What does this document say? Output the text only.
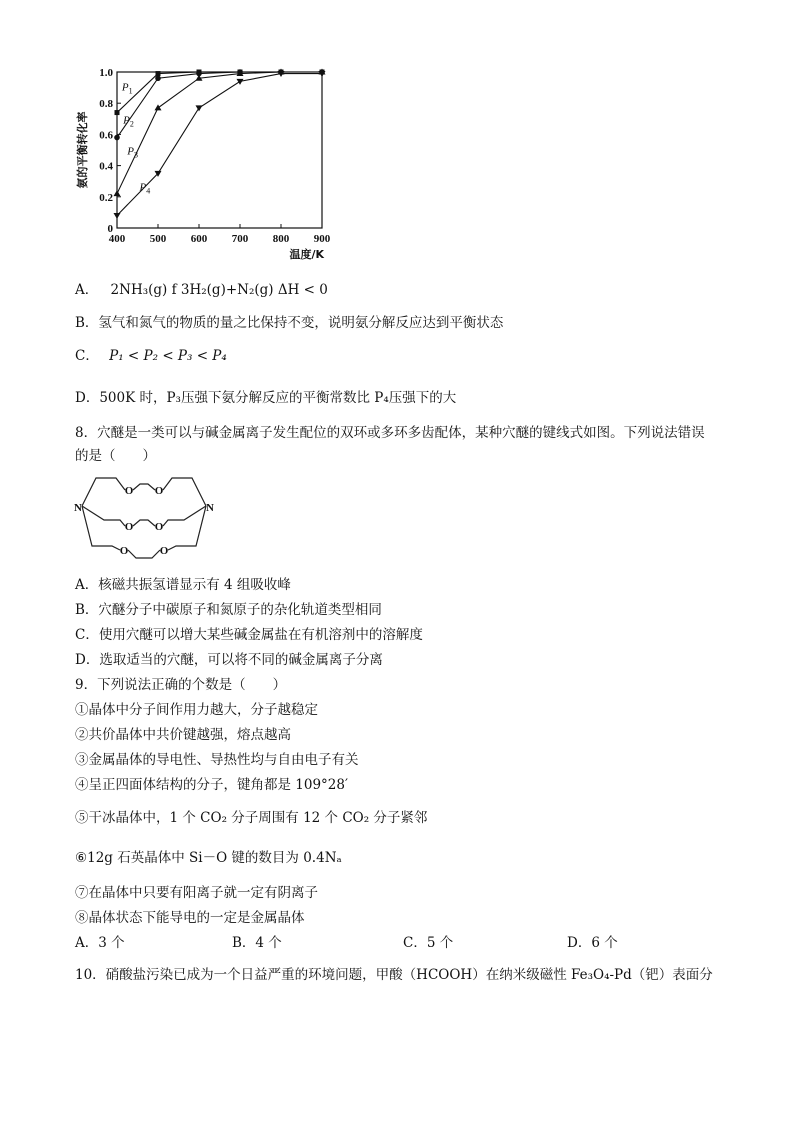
400 500 600 700 800 900
0
0.2
0.4
0.6
0.8
1.0
温度/K
氨的平衡转化率
$P_1$
$P_2$
$P_3$
$P_4$
A． 2NH₃(g) f 3H₂(g)+N₂(g) ΔH < 0
B．氢气和氮气的物质的量之比保持不变，说明氨分解反应达到平衡状态
C． P₁ < P₂ < P₃ < P₄
D．500K 时，P₃压强下氨分解反应的平衡常数比 P₄压强下的大
8．穴醚是一类可以与碱金属离子发生配位的双环或多环多齿配体，某种穴醚的键线式如图。下列说法错误
的是（　　）
N	N
O O
O O
O	O
A．核磁共振氢谱显示有 4 组吸收峰
B．穴醚分子中碳原子和氮原子的杂化轨道类型相同
C．使用穴醚可以增大某些碱金属盐在有机溶剂中的溶解度
D．选取适当的穴醚，可以将不同的碱金属离子分离
9．下列说法正确的个数是（　　）
①晶体中分子间作用力越大，分子越稳定
②共价晶体中共价键越强，熔点越高
③金属晶体的导电性、导热性均与自由电子有关
④呈正四面体结构的分子，键角都是 109°28′
⑤干冰晶体中，1 个 CO₂ 分子周围有 12 个 CO₂ 分子紧邻
⑥12g 石英晶体中 Si－O 键的数目为 0.4Nₐ
⑦在晶体中只要有阳离子就一定有阴离子
⑧晶体状态下能导电的一定是金属晶体
A．3 个	B．4 个	C．5 个	D．6 个
10．硝酸盐污染已成为一个日益严重的环境问题，甲酸（HCOOH）在纳米级磁性 Fe₃O₄-Pd（钯）表面分
